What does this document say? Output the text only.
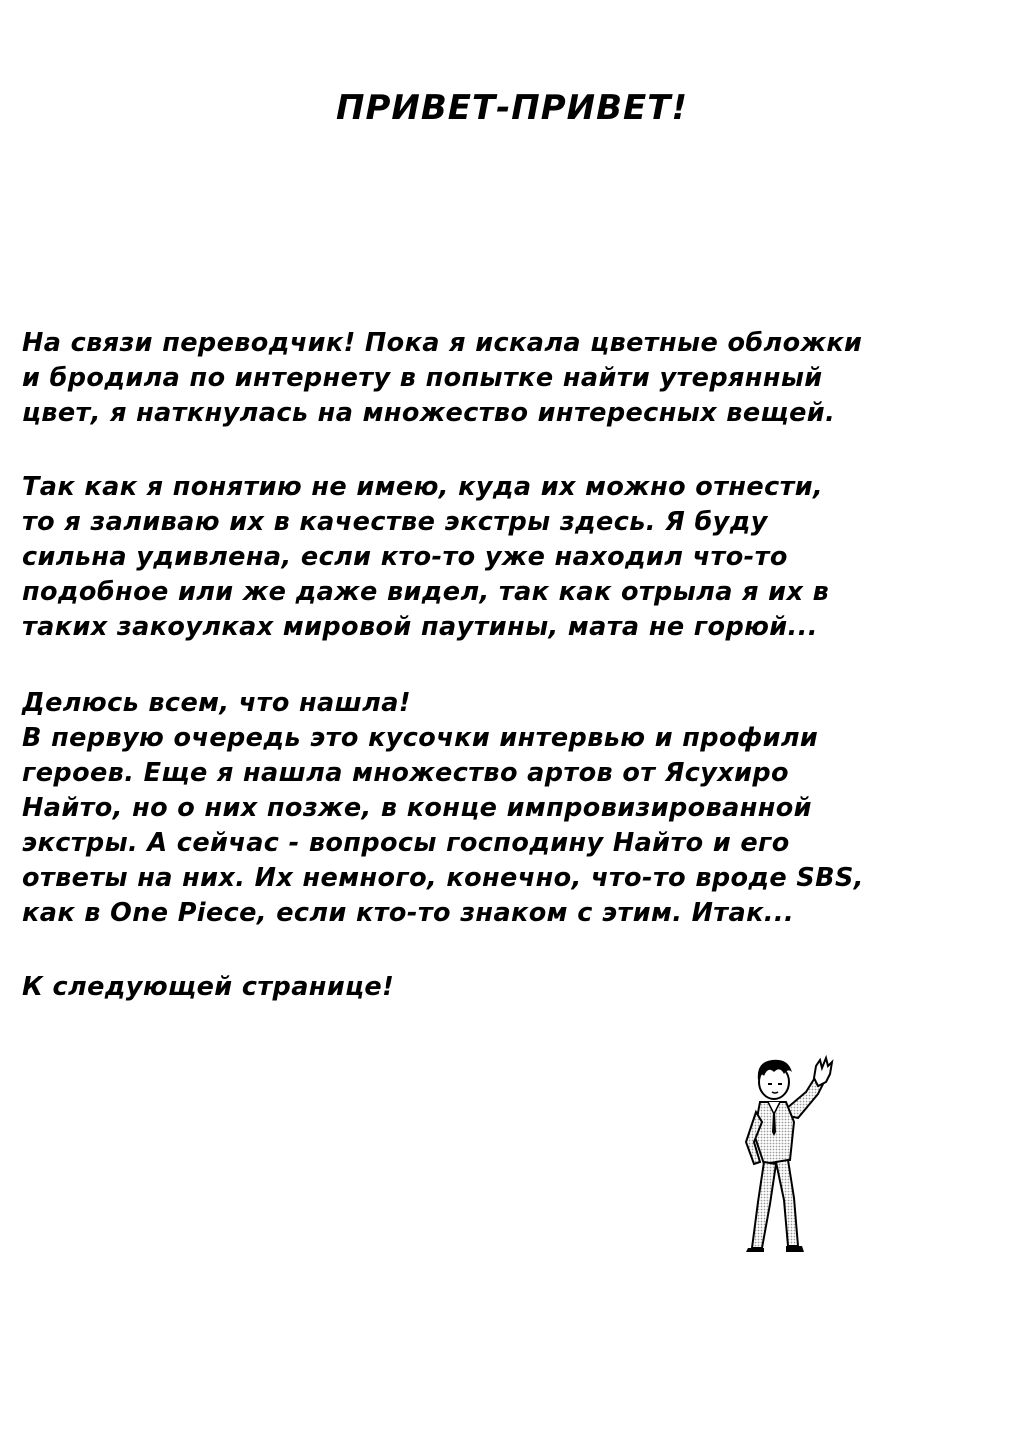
ПРИВЕТ-ПРИВЕТ!
На связи переводчик! Пока я искала цветные обложки
и бродила по интернету в попытке найти утерянный
цвет, я наткнулась на множество интересных вещей.
Так как я понятию не имею, куда их можно отнести,
то я заливаю их в качестве экстры здесь. Я буду
сильна удивлена, если кто-то уже находил что-то
подобное или же даже видел, так как отрыла я их в
таких закоулках мировой паутины, мата не горюй...
Делюсь всем, что нашла!
В первую очередь это кусочки интервью и профили
героев. Еще я нашла множество артов от Ясухиро
Найто, но о них позже, в конце импровизированной
экстры. А сейчас - вопросы господину Найто и его
ответы на них. Их немного, конечно, что-то вроде SBS,
как в One Piece, если кто-то знаком с этим. Итак...
К следующей странице!
